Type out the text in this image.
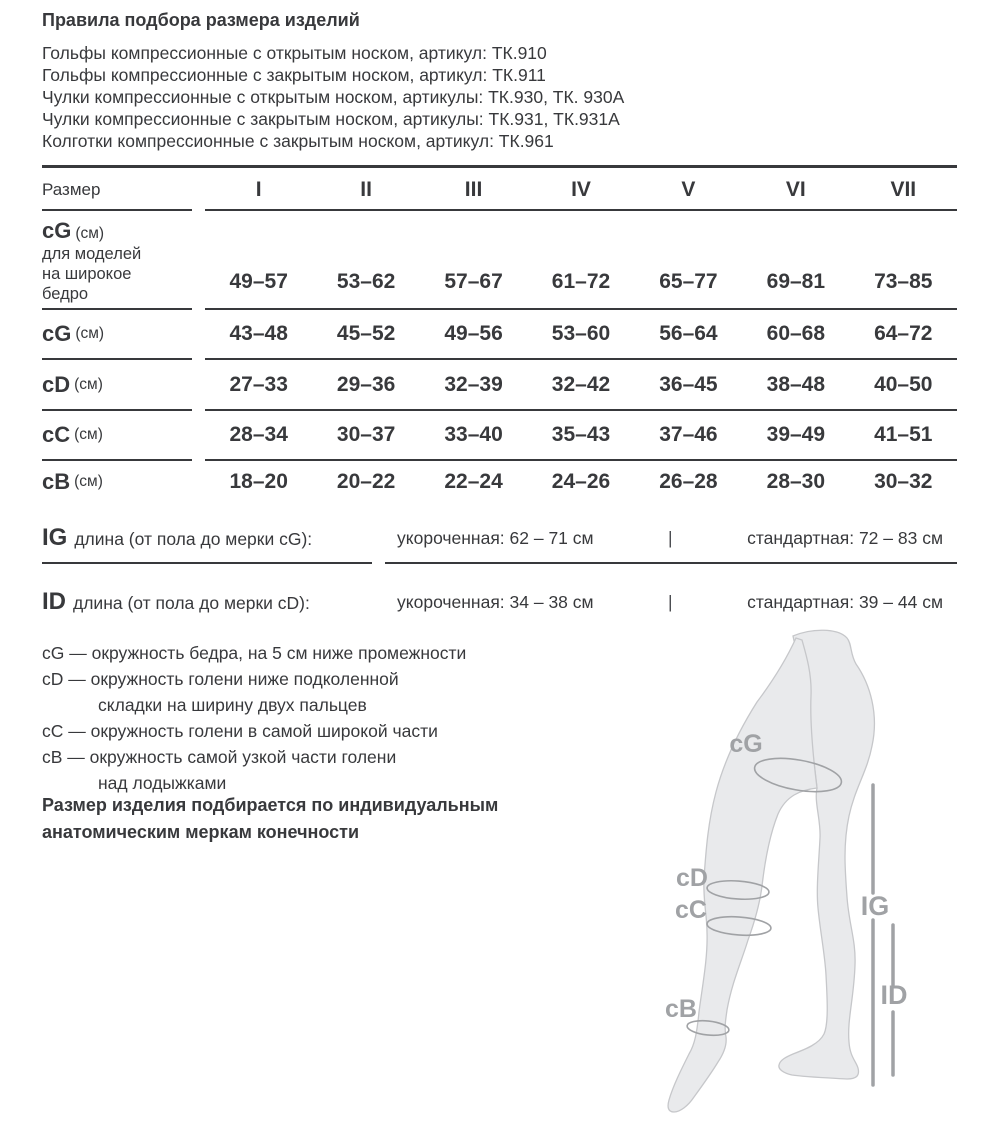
Правила подбора размера изделий
Гольфы компрессионные с открытым носком, артикул: ТК.910
Гольфы компрессионные с закрытым носком, артикул: ТК.911
Чулки компрессионные с открытым носком, артикулы: ТК.930, ТК. 930А
Чулки компрессионные с закрытым носком, артикулы: ТК.931, ТК.931А
Колготки компрессионные с закрытым носком, артикул: ТК.961
Размер	I	II	III	IV	V	VI	VII
cG (см)
для моделей на широкое бедро
49–57	53–62	57–67	61–72	65–77	69–81	73–85
cG (см)	43–48	45–52	49–56	53–60	56–64	60–68	64–72
cD (см)	27–33	29–36	32–39	32–42	36–45	38–48	40–50
cC (см)	28–34	30–37	33–40	35–43	37–46	39–49	41–51
cB (см)	18–20	20–22	22–24	24–26	26–28	28–30	30–32
IG длина (от пола до мерки cG):	укороченная: 62 – 71 см	|	стандартная: 72 – 83 см
ID длина (от пола до мерки cD):	укороченная: 34 – 38 см	|	стандартная: 39 – 44 см
cG — окружность бедра, на 5 см ниже промежности
cD — окружность голени ниже подколенной
складки на ширину двух пальцев
cC — окружность голени в самой широкой части
cB — окружность самой узкой части голени
над лодыжками
Размер изделия подбирается по индивидуальным
анатомическим меркам конечности
cG
cD
cC
cB
IG
ID
